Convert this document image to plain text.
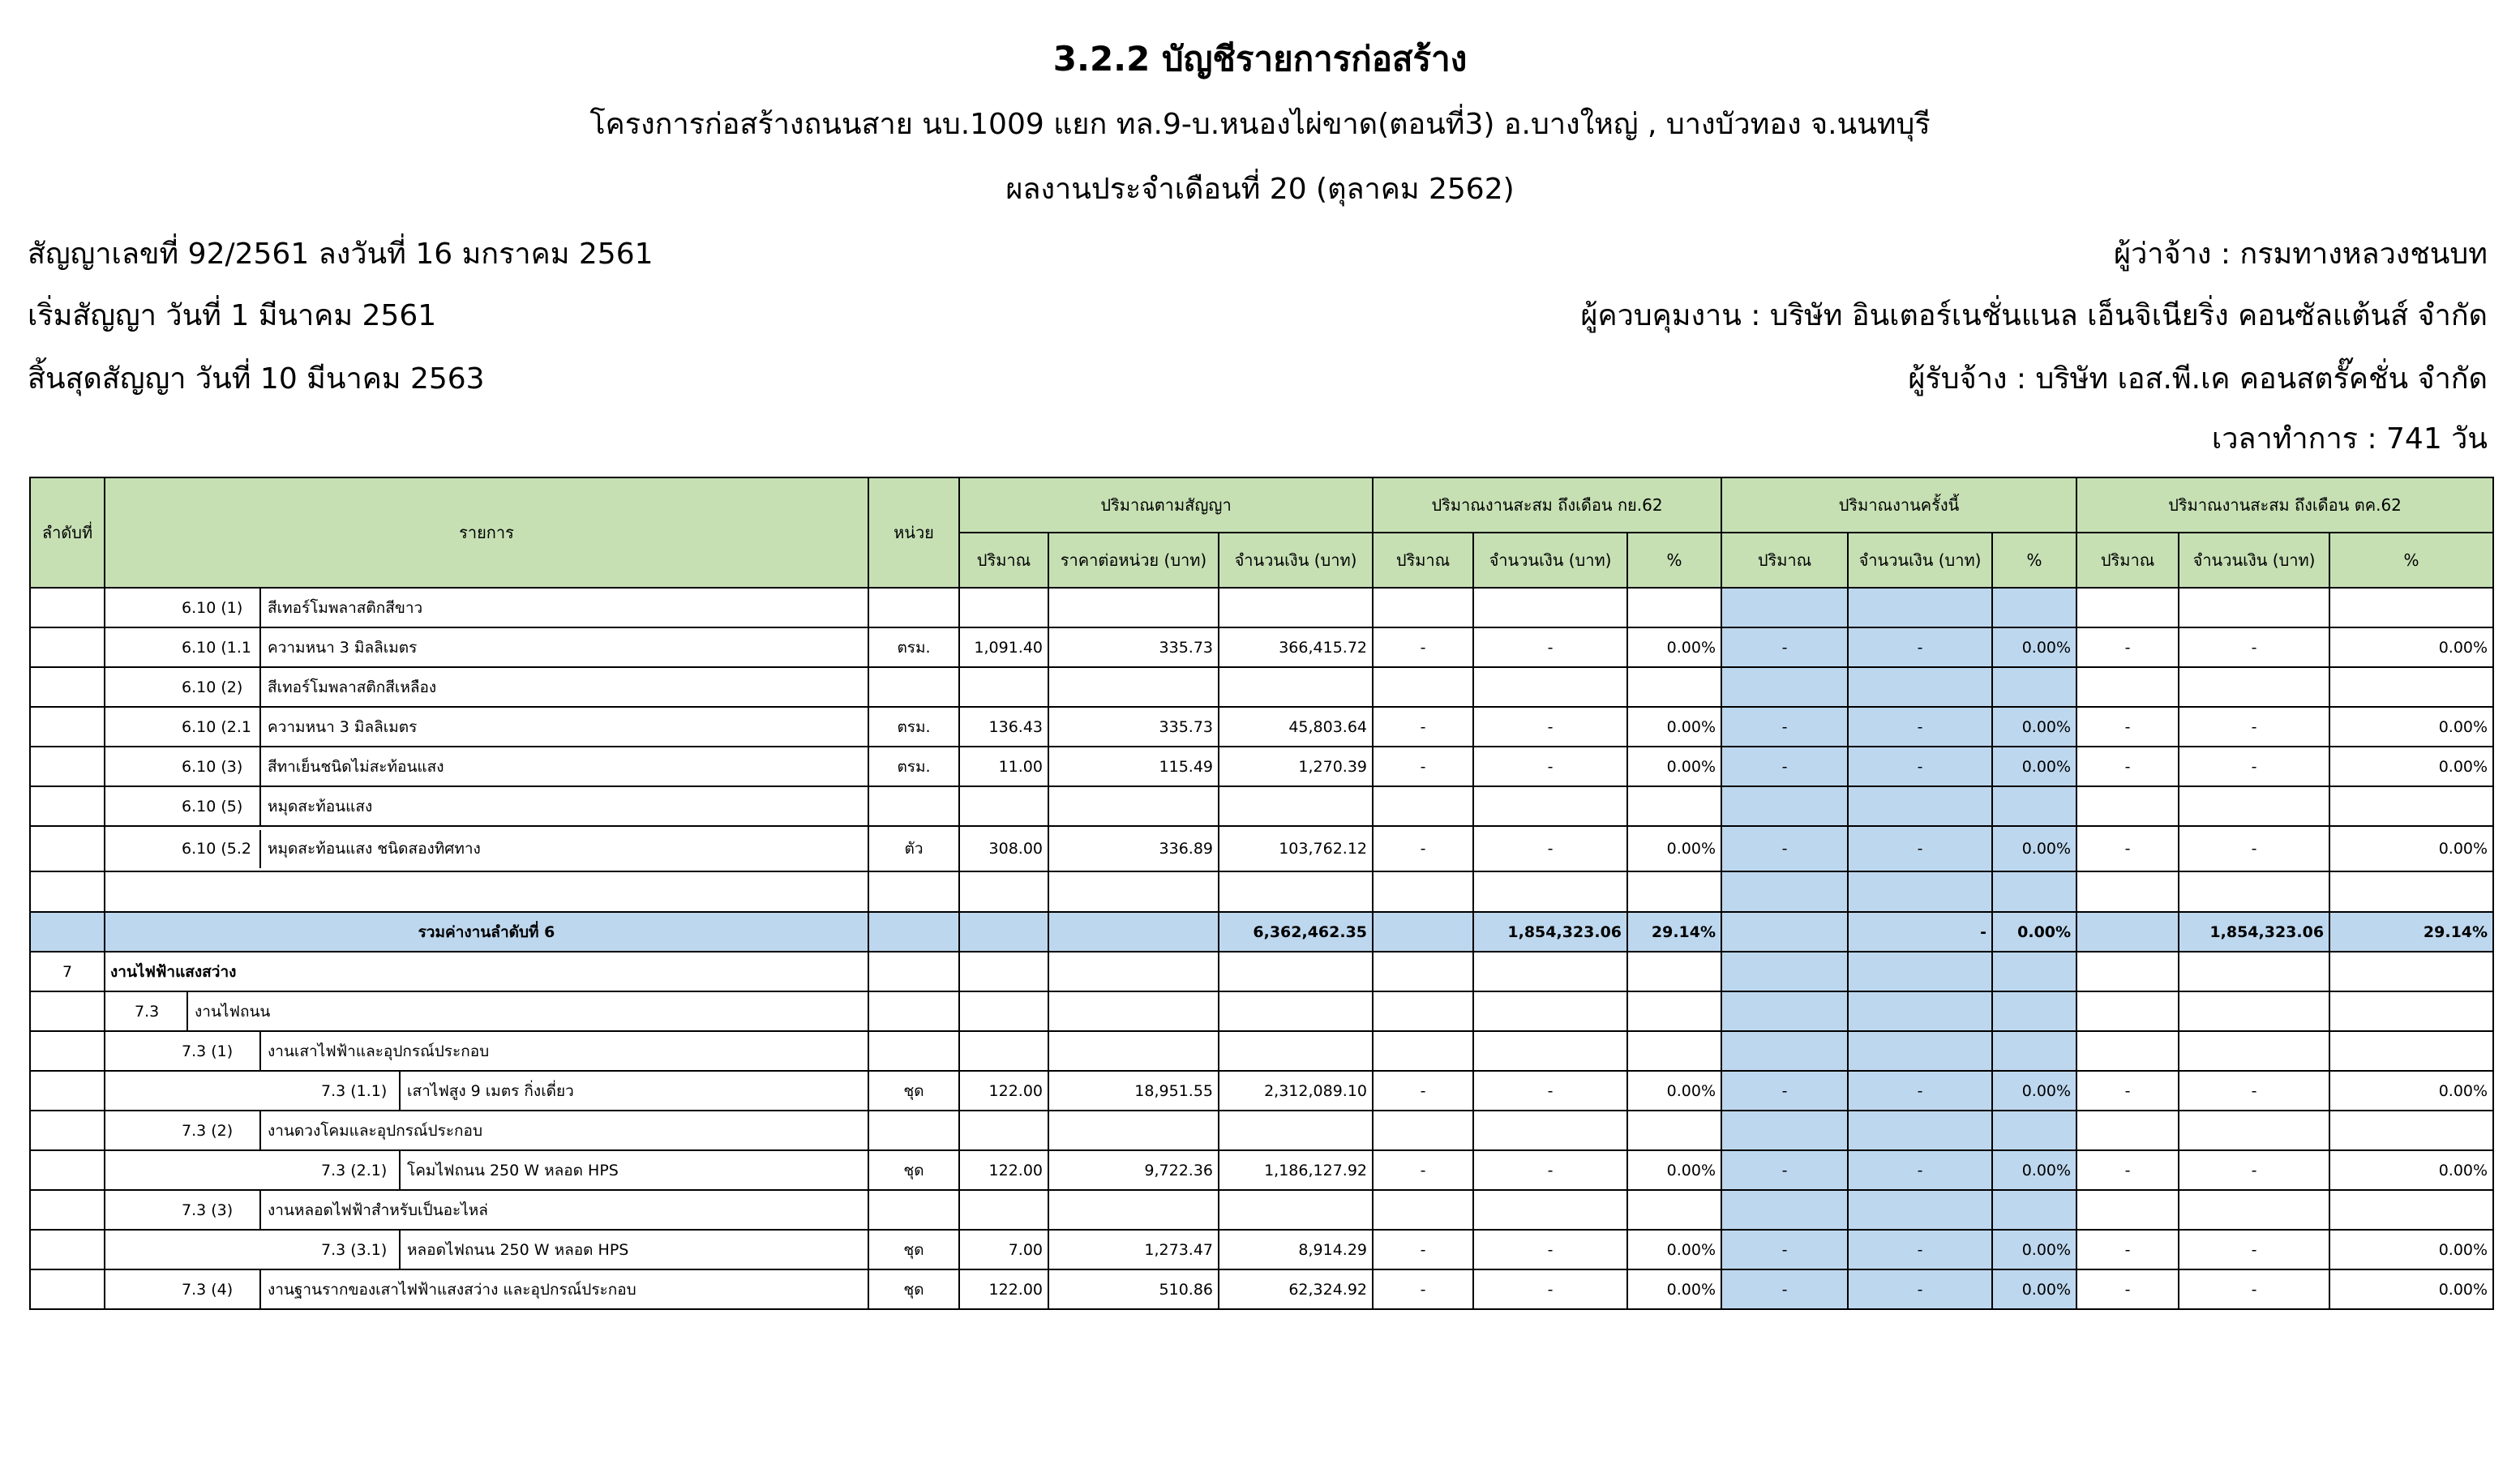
3.2.2 บัญชีรายการก่อสร้าง
โครงการก่อสร้างถนนสาย นบ.1009 แยก ทล.9-บ.หนองไผ่ขาด(ตอนที่3) อ.บางใหญ่ , บางบัวทอง จ.นนทบุรี
ผลงานประจำเดือนที่ 20 (ตุลาคม 2562)
สัญญาเลขที่ 92/2561 ลงวันที่ 16 มกราคม 2561
เริ่มสัญญา วันที่ 1 มีนาคม 2561
สิ้นสุดสัญญา วันที่ 10 มีนาคม 2563
ผู้ว่าจ้าง : กรมทางหลวงชนบท
ผู้ควบคุมงาน : บริษัท อินเตอร์เนชั่นแนล เอ็นจิเนียริ่ง คอนซัลแต้นส์ จำกัด
ผู้รับจ้าง : บริษัท เอส.พี.เค คอนสตรั๊คชั่น จำกัด
เวลาทำการ : 741 วัน
ลำดับที่	รายการ	หน่วย	ปริมาณตามสัญญา			ปริมาณงานสะสม ถึงเดือน กย.62			ปริมาณงานครั้งนี้			ปริมาณงานสะสม ถึงเดือน ตค.62		
			ปริมาณ	ราคาต่อหน่วย (บาท)	จำนวนเงิน (บาท)	ปริมาณ	จำนวนเงิน (บาท)	%	ปริมาณ	จำนวนเงิน (บาท)	%	ปริมาณ	จำนวนเงิน (บาท)	%

	6.10 (1) สีเทอร์โมพลาสติกสีขาว													

	6.10 (1.1 ความหนา 3 มิลลิเมตร	ตรม.	1,091.40	335.73	366,415.72	-	-	0.00%	-	-	0.00%	-	-	0.00%

	6.10 (2) สีเทอร์โมพลาสติกสีเหลือง													

	6.10 (2.1 ความหนา 3 มิลลิเมตร	ตรม.	136.43	335.73	45,803.64	-	-	0.00%	-	-	0.00%	-	-	0.00%

	6.10 (3) สีทาเย็นชนิดไม่สะท้อนแสง	ตรม.	11.00	115.49	1,270.39	-	-	0.00%	-	-	0.00%	-	-	0.00%

	6.10 (5) หมุดสะท้อนแสง													

	6.10 (5.2 หมุดสะท้อนแสง ชนิดสองทิศทาง	ตัว	308.00	336.89	103,762.12	-	-	0.00%	-	-	0.00%	-	-	0.00%

	รวมค่างานลำดับที่ 6				6,362,462.35		1,854,323.06	29.14%		-	0.00%		1,854,323.06	29.14%
7	งานไฟฟ้าแสงสว่าง													

	7.3 งานไฟถนน													

	7.3 (1) งานเสาไฟฟ้าและอุปกรณ์ประกอบ													

	7.3 (1.1) เสาไฟสูง 9 เมตร กิ่งเดี่ยว	ชุด	122.00	18,951.55	2,312,089.10	-	-	0.00%	-	-	0.00%	-	-	0.00%

	7.3 (2) งานดวงโคมและอุปกรณ์ประกอบ													

	7.3 (2.1) โคมไฟถนน 250 W หลอด HPS	ชุด	122.00	9,722.36	1,186,127.92	-	-	0.00%	-	-	0.00%	-	-	0.00%

	7.3 (3) งานหลอดไฟฟ้าสำหรับเป็นอะไหล่													

	7.3 (3.1) หลอดไฟถนน 250 W หลอด HPS	ชุด	7.00	1,273.47	8,914.29	-	-	0.00%	-	-	0.00%	-	-	0.00%

	7.3 (4) งานฐานรากของเสาไฟฟ้าแสงสว่าง และอุปกรณ์ประกอบ	ชุด	122.00	510.86	62,324.92	-	-	0.00%	-	-	0.00%	-	-	0.00%
